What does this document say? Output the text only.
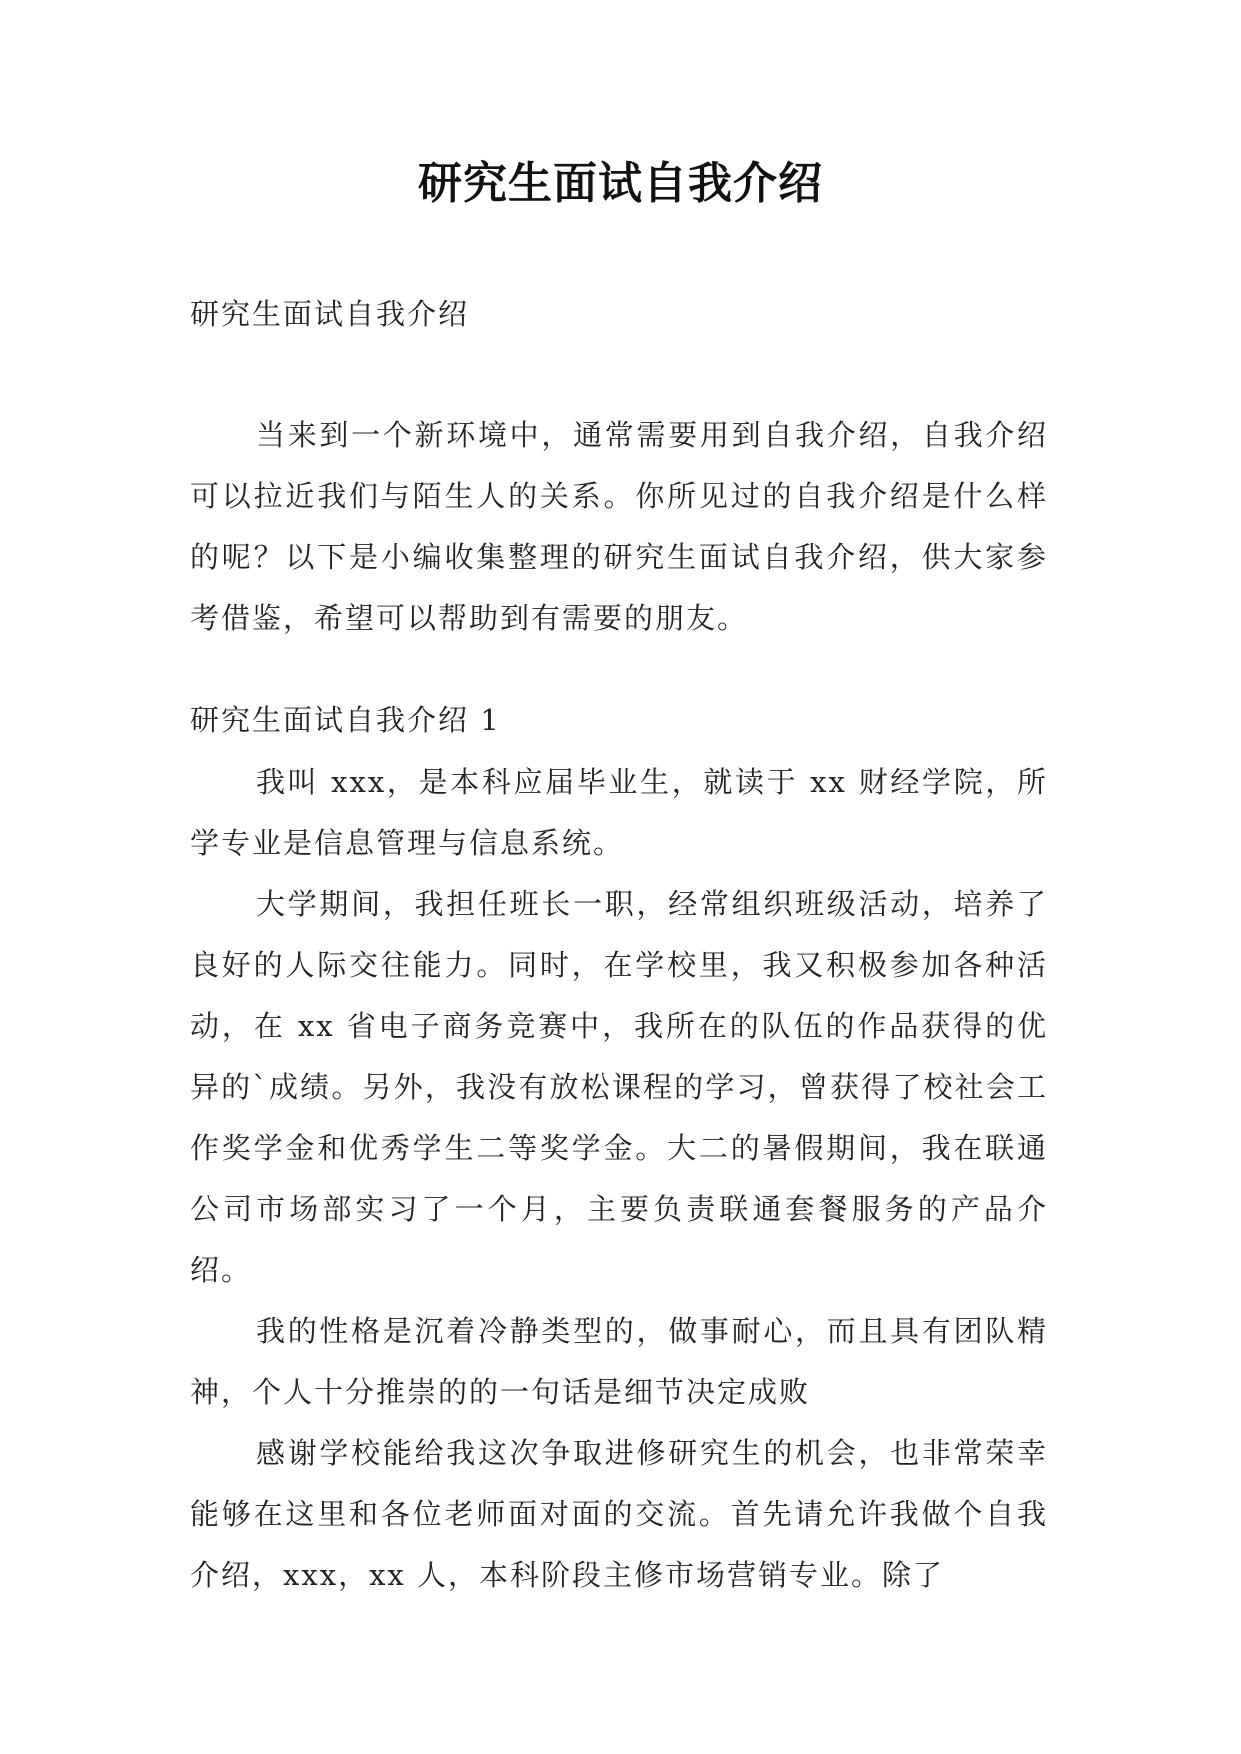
研究生面试自我介绍
研究生面试自我介绍

当来到一个新环境中，通常需要用到自我介绍，自我介绍可以拉近我们与陌生人的关系。你所见过的自我介绍是什么样的呢？以下是小编收集整理的研究生面试自我介绍，供大家参考借鉴，希望可以帮助到有需要的朋友。

研究生面试自我介绍 1

我叫 xxx，是本科应届毕业生，就读于 xx 财经学院，所学专业是信息管理与信息系统。

大学期间，我担任班长一职，经常组织班级活动，培养了良好的人际交往能力。同时，在学校里，我又积极参加各种活动，在 xx 省电子商务竞赛中，我所在的队伍的作品获得的优异的`成绩。另外，我没有放松课程的学习，曾获得了校社会工作奖学金和优秀学生二等奖学金。大二的暑假期间，我在联通公司市场部实习了一个月，主要负责联通套餐服务的产品介绍。

我的性格是沉着冷静类型的，做事耐心，而且具有团队精神，个人十分推崇的的一句话是细节决定成败

感谢学校能给我这次争取进修研究生的机会，也非常荣幸能够在这里和各位老师面对面的交流。首先请允许我做个自我介绍，xxx，xx 人，本科阶段主修市场营销专业。除了
